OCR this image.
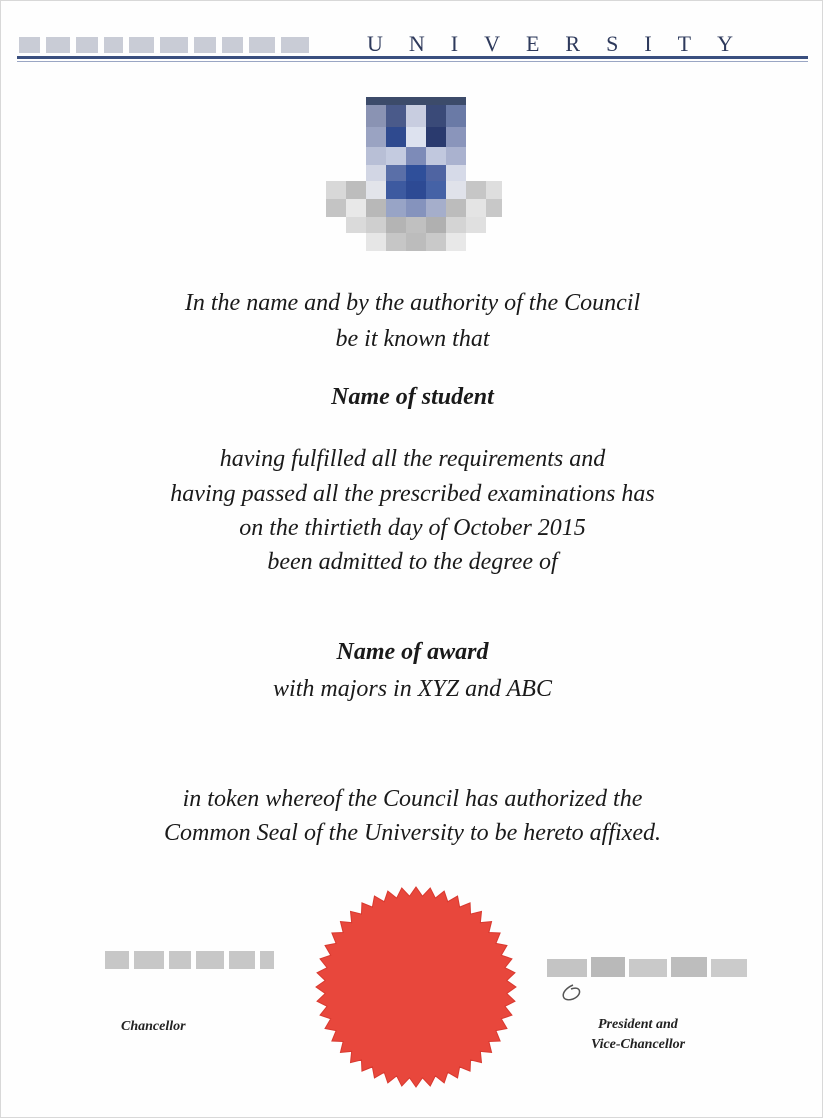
UNIVERSITY
In the name and by the authority of the Council
be it known that
Name of student
having fulfilled all the requirements and
having passed all the prescribed examinations has
on the thirtieth day of October 2015
been admitted to the degree of
Name of award
with majors in XYZ and ABC
in token whereof the Council has authorized the
Common Seal of the University to be hereto affixed.
Chancellor	President and
Vice-Chancellor
